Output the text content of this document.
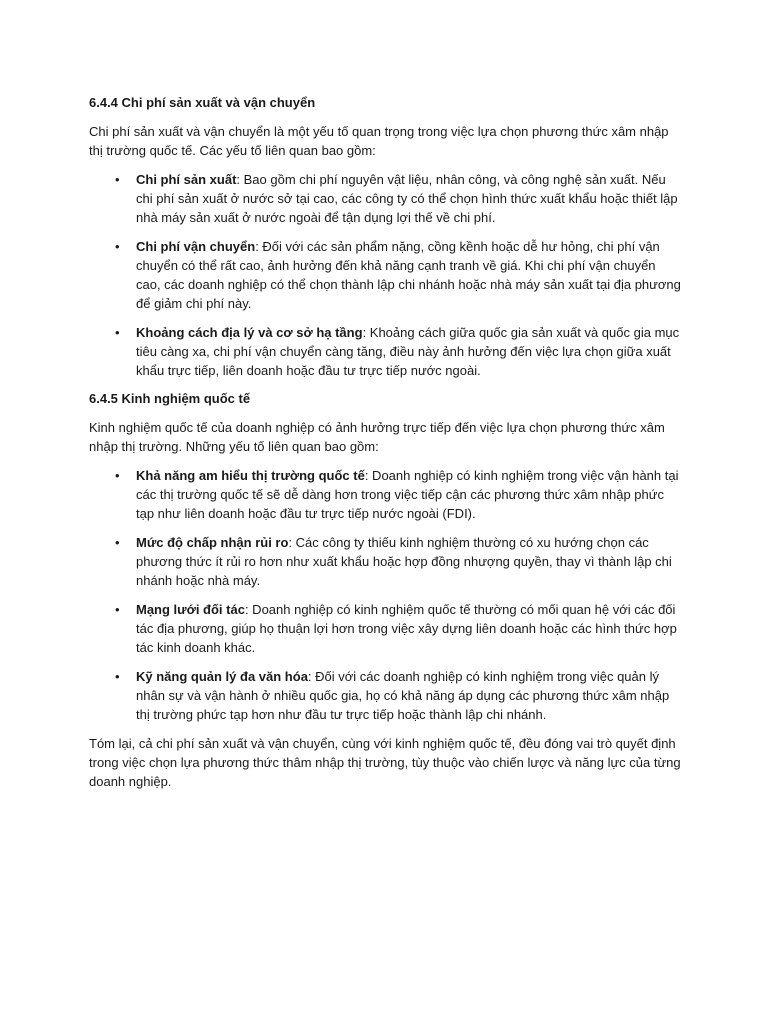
6.4.4 Chi phí sản xuất và vận chuyển

Chi phí sản xuất và vận chuyển là một yếu tố quan trọng trong việc lựa chọn phương thức xâm nhập thị trường quốc tế. Các yếu tố liên quan bao gồm:

• Chi phí sản xuất: Bao gồm chi phí nguyên vật liệu, nhân công, và công nghệ sản xuất. Nếu chi phí sản xuất ở nước sở tại cao, các công ty có thể chọn hình thức xuất khẩu hoặc thiết lập nhà máy sản xuất ở nước ngoài để tận dụng lợi thế về chi phí.
• Chi phí vận chuyển: Đối với các sản phẩm nặng, cồng kềnh hoặc dễ hư hỏng, chi phí vận chuyển có thể rất cao, ảnh hưởng đến khả năng cạnh tranh về giá. Khi chi phí vận chuyển cao, các doanh nghiệp có thể chọn thành lập chi nhánh hoặc nhà máy sản xuất tại địa phương để giảm chi phí này.
• Khoảng cách địa lý và cơ sở hạ tầng: Khoảng cách giữa quốc gia sản xuất và quốc gia mục tiêu càng xa, chi phí vận chuyển càng tăng, điều này ảnh hưởng đến việc lựa chọn giữa xuất khẩu trực tiếp, liên doanh hoặc đầu tư trực tiếp nước ngoài.
6.4.5 Kinh nghiệm quốc tế

Kinh nghiệm quốc tế của doanh nghiệp có ảnh hưởng trực tiếp đến việc lựa chọn phương thức xâm nhập thị trường. Những yếu tố liên quan bao gồm:

• Khả năng am hiểu thị trường quốc tế: Doanh nghiệp có kinh nghiệm trong việc vận hành tại các thị trường quốc tế sẽ dễ dàng hơn trong việc tiếp cận các phương thức xâm nhập phức tạp như liên doanh hoặc đầu tư trực tiếp nước ngoài (FDI).
• Mức độ chấp nhận rủi ro: Các công ty thiếu kinh nghiệm thường có xu hướng chọn các phương thức ít rủi ro hơn như xuất khẩu hoặc hợp đồng nhượng quyền, thay vì thành lập chi nhánh hoặc nhà máy.
• Mạng lưới đối tác: Doanh nghiệp có kinh nghiệm quốc tế thường có mối quan hệ với các đối tác địa phương, giúp họ thuận lợi hơn trong việc xây dựng liên doanh hoặc các hình thức hợp tác kinh doanh khác.
• Kỹ năng quản lý đa văn hóa: Đối với các doanh nghiệp có kinh nghiệm trong việc quản lý nhân sự và vận hành ở nhiều quốc gia, họ có khả năng áp dụng các phương thức xâm nhập thị trường phức tạp hơn như đầu tư trực tiếp hoặc thành lập chi nhánh.

Tóm lại, cả chi phí sản xuất và vận chuyển, cùng với kinh nghiệm quốc tế, đều đóng vai trò quyết định trong việc chọn lựa phương thức thâm nhập thị trường, tùy thuộc vào chiến lược và năng lực của từng doanh nghiệp.
